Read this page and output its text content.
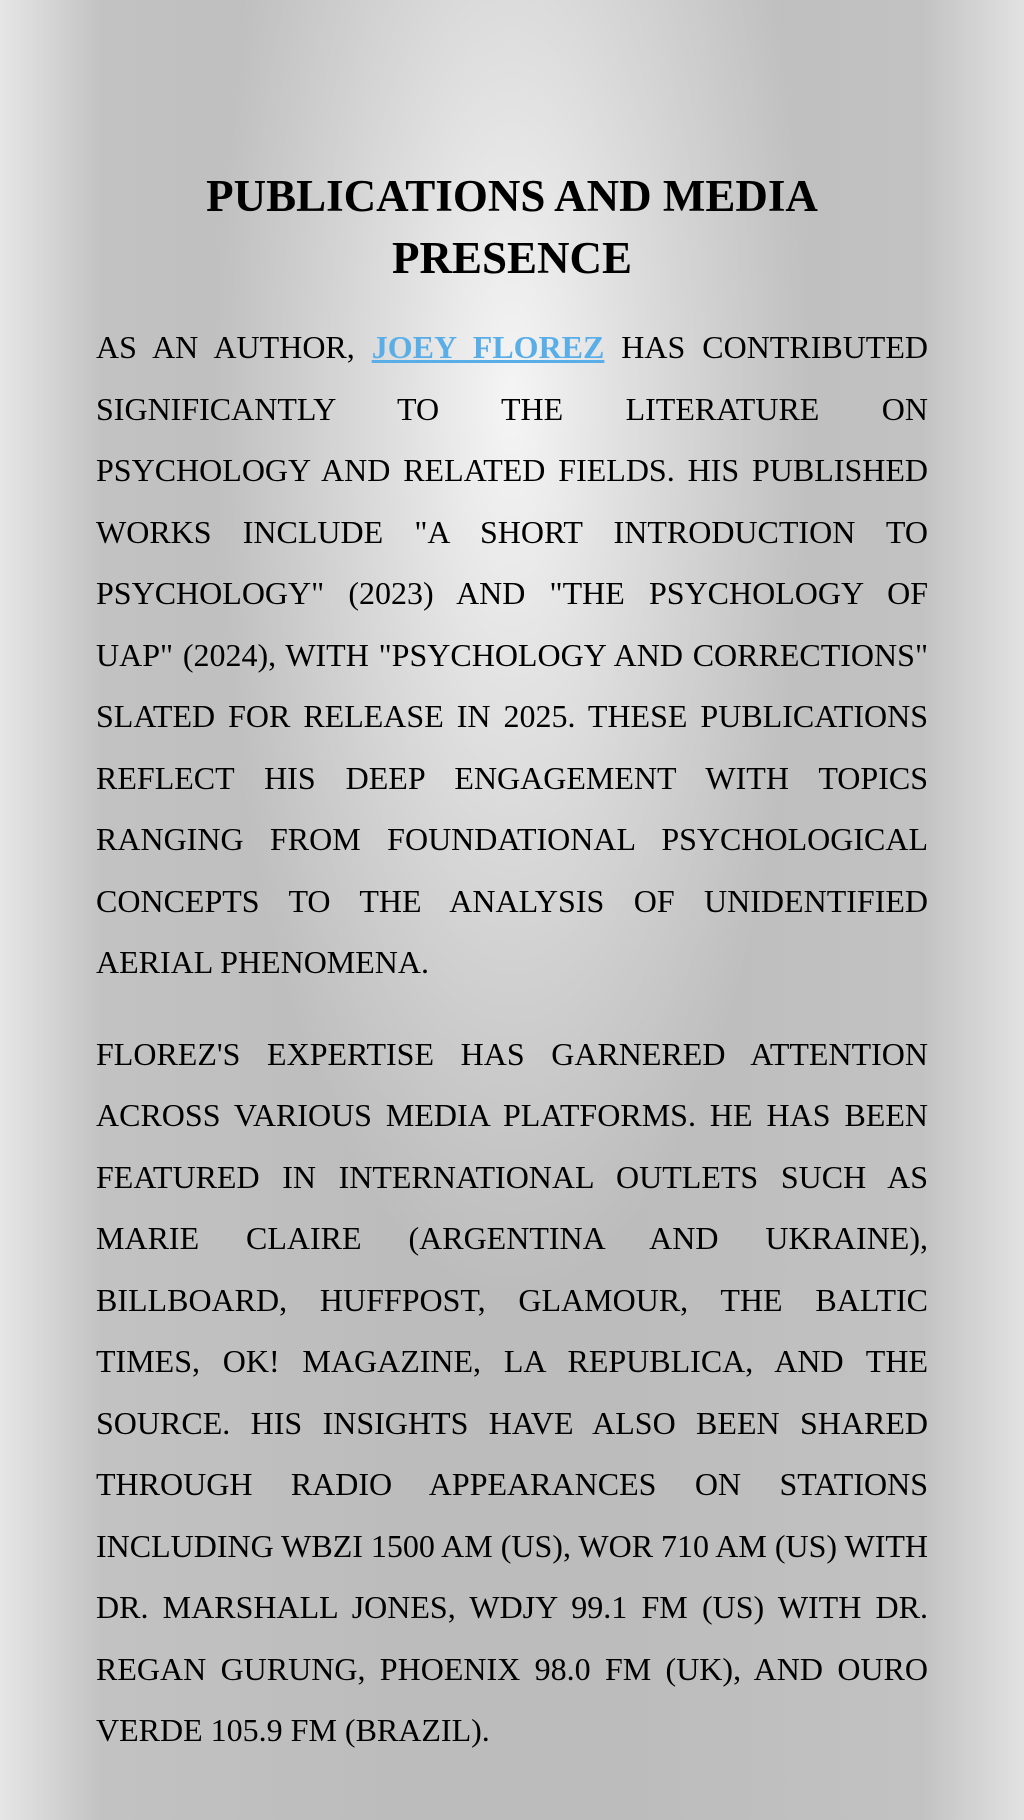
PUBLICATIONS AND MEDIA PRESENCE

AS AN AUTHOR, JOEY FLOREZ HAS CONTRIBUTED SIGNIFICANTLY TO THE LITERATURE ON PSYCHOLOGY AND RELATED FIELDS. HIS PUBLISHED WORKS INCLUDE "A SHORT INTRODUCTION TO PSYCHOLOGY" (2023) AND "THE PSYCHOLOGY OF UAP" (2024), WITH "PSYCHOLOGY AND CORRECTIONS" SLATED FOR RELEASE IN 2025. THESE PUBLICATIONS REFLECT HIS DEEP ENGAGEMENT WITH TOPICS RANGING FROM FOUNDATIONAL PSYCHOLOGICAL CONCEPTS TO THE ANALYSIS OF UNIDENTIFIED AERIAL PHENOMENA.

FLOREZ'S EXPERTISE HAS GARNERED ATTENTION ACROSS VARIOUS MEDIA PLATFORMS. HE HAS BEEN FEATURED IN INTERNATIONAL OUTLETS SUCH AS MARIE CLAIRE (ARGENTINA AND UKRAINE), BILLBOARD, HUFFPOST, GLAMOUR, THE BALTIC TIMES, OK! MAGAZINE, LA REPUBLICA, AND THE SOURCE. HIS INSIGHTS HAVE ALSO BEEN SHARED THROUGH RADIO APPEARANCES ON STATIONS INCLUDING WBZI 1500 AM (US), WOR 710 AM (US) WITH DR. MARSHALL JONES, WDJY 99.1 FM (US) WITH DR. REGAN GURUNG, PHOENIX 98.0 FM (UK), AND OURO VERDE 105.9 FM (BRAZIL).
